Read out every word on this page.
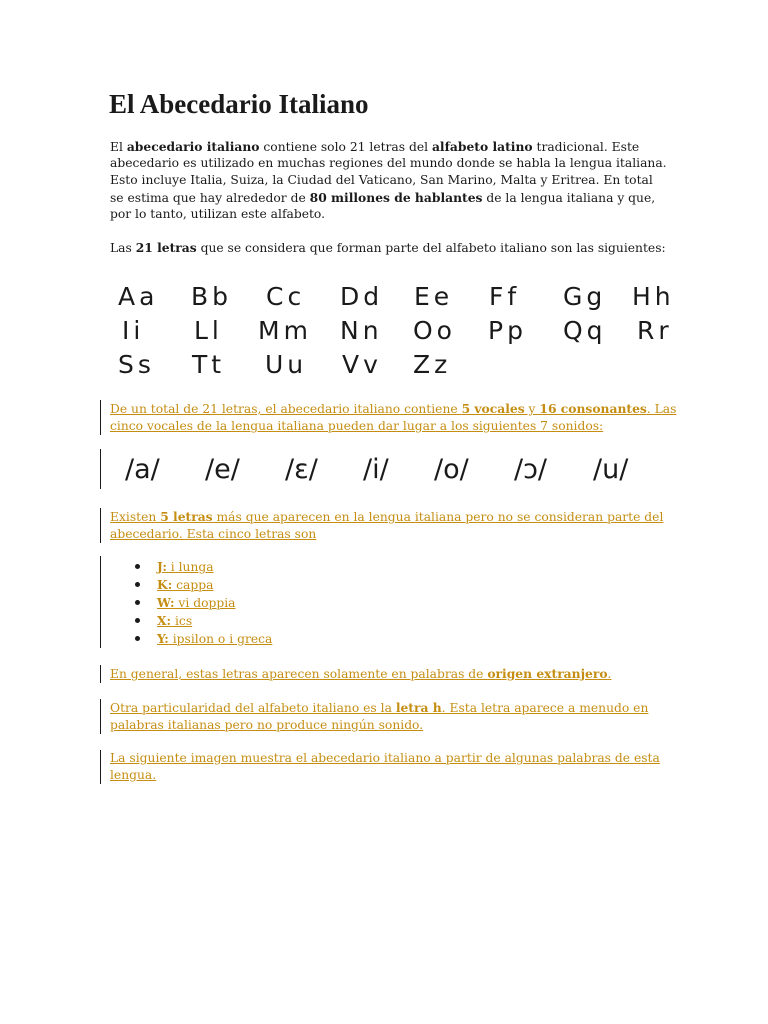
El Abecedario Italiano

El abecedario italiano contiene solo 21 letras del alfabeto latino tradicional. Este

abecedario es utilizado en muchas regiones del mundo donde se habla la lengua italiana.

Esto incluye Italia, Suiza, la Ciudad del Vaticano, San Marino, Malta y Eritrea. En total

se estima que hay alrededor de 80 millones de hablantes de la lengua italiana y que,

por lo tanto, utilizan este alfabeto.

Las 21 letras que se considera que forman parte del alfabeto italiano son las siguientes:

Aa Bb Cc Dd Ee Ff Gg Hh
Ii Ll Mm Nn Oo Pp Qq Rr
Ss Tt Uu Vv Zz

De un total de 21 letras, el abecedario italiano contiene 5 vocales y 16 consonantes. Las

cinco vocales de la lengua italiana pueden dar lugar a los siguientes 7 sonidos:

/a/ /e/ /ɛ/ /i/ /o/ /ɔ/ /u/

Existen 5 letras más que aparecen en la lengua italiana pero no se consideran parte del

abecedario. Esta cinco letras son

J: i lunga
K: cappa
W: vi doppia
X: ics
Y: ipsilon o i greca

En general, estas letras aparecen solamente en palabras de origen extranjero.

Otra particularidad del alfabeto italiano es la letra h. Esta letra aparece a menudo en

palabras italianas pero no produce ningún sonido.

La siguiente imagen muestra el abecedario italiano a partir de algunas palabras de esta

lengua.
